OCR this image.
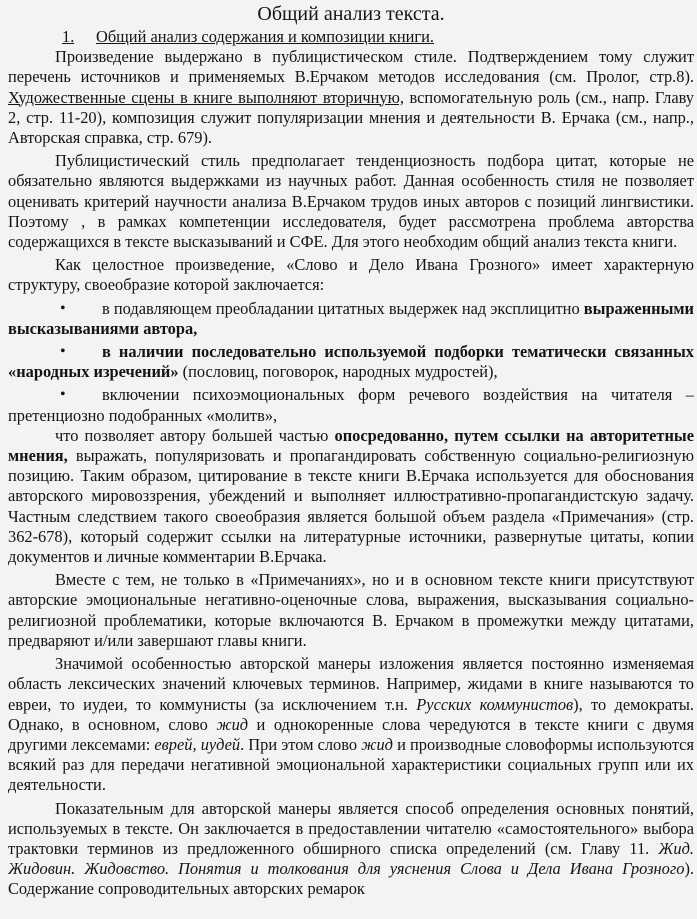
Общий анализ текста.
1. Общий анализ содержания и композиции книги.

Произведение выдержано в публицистическом стиле. Подтверждением тому служит перечень источников и применяемых В.Ерчаком методов исследования (см. Пролог, стр.8). Художественные сцены в книге выполняют вторичную, вспомогательную роль (см., напр. Главу 2, стр. 11-20), композиция служит популяризации мнения и деятельности В. Ерчака (см., напр., Авторская справка, стр. 679).

Публицистический стиль предполагает тенденциозность подбора цитат, которые не обязательно являются выдержками из научных работ. Данная особенность стиля не позволяет оценивать критерий научности анализа В.Ерчаком трудов иных авторов с позиций лингвистики. Поэтому , в рамках компетенции исследователя, будет рассмотрена проблема авторства содержащихся в тексте высказываний и СФЕ. Для этого необходим общий анализ текста книги.

Как целостное произведение, «Слово и Дело Ивана Грозного» имеет характерную структуру, своеобразие которой заключается:

• в подавляющем преобладании цитатных выдержек над эксплицитно выраженными высказываниями автора,

• в наличии последовательно используемой подборки тематически связанных «народных изречений» (пословиц, поговорок, народных мудростей),

• включении психоэмоциональных форм речевого воздействия на читателя – претенциозно подобранных «молитв»,

что позволяет автору большей частью опосредованно, путем ссылки на авторитетные мнения, выражать, популяризовать и пропагандировать собственную социально-религиозную позицию. Таким образом, цитирование в тексте книги В.Ерчака используется для обоснования авторского мировоззрения, убеждений и выполняет иллюстративно-пропагандистскую задачу. Частным следствием такого своеобразия является большой объем раздела «Примечания» (стр. 362-678), который содержит ссылки на литературные источники, развернутые цитаты, копии документов и личные комментарии В.Ерчака.

Вместе с тем, не только в «Примечаниях», но и в основном тексте книги присутствуют авторские эмоциональные негативно-оценочные слова, выражения, высказывания социально-религиозной проблематики, которые включаются В. Ерчаком в промежутки между цитатами, предваряют и/или завершают главы книги.

Значимой особенностью авторской манеры изложения является постоянно изменяемая область лексических значений ключевых терминов. Например, жидами в книге называются то евреи, то иудеи, то коммунисты (за исключением т.н. Русских коммунистов), то демократы. Однако, в основном, слово жид и однокоренные слова чередуются в тексте книги с двумя другими лексемами: еврей, иудей. При этом слово жид и производные словоформы используются всякий раз для передачи негативной эмоциональной характеристики социальных групп или их деятельности.

Показательным для авторской манеры является способ определения основных понятий, используемых в тексте. Он заключается в предоставлении читателю «самостоятельного» выбора трактовки терминов из предложенного обширного списка определений (см. Главу 11. Жид. Жидовин. Жидовство. Понятия и толкования для уяснения Слова и Дела Ивана Грозного). Содержание сопроводительных авторских ремарок
